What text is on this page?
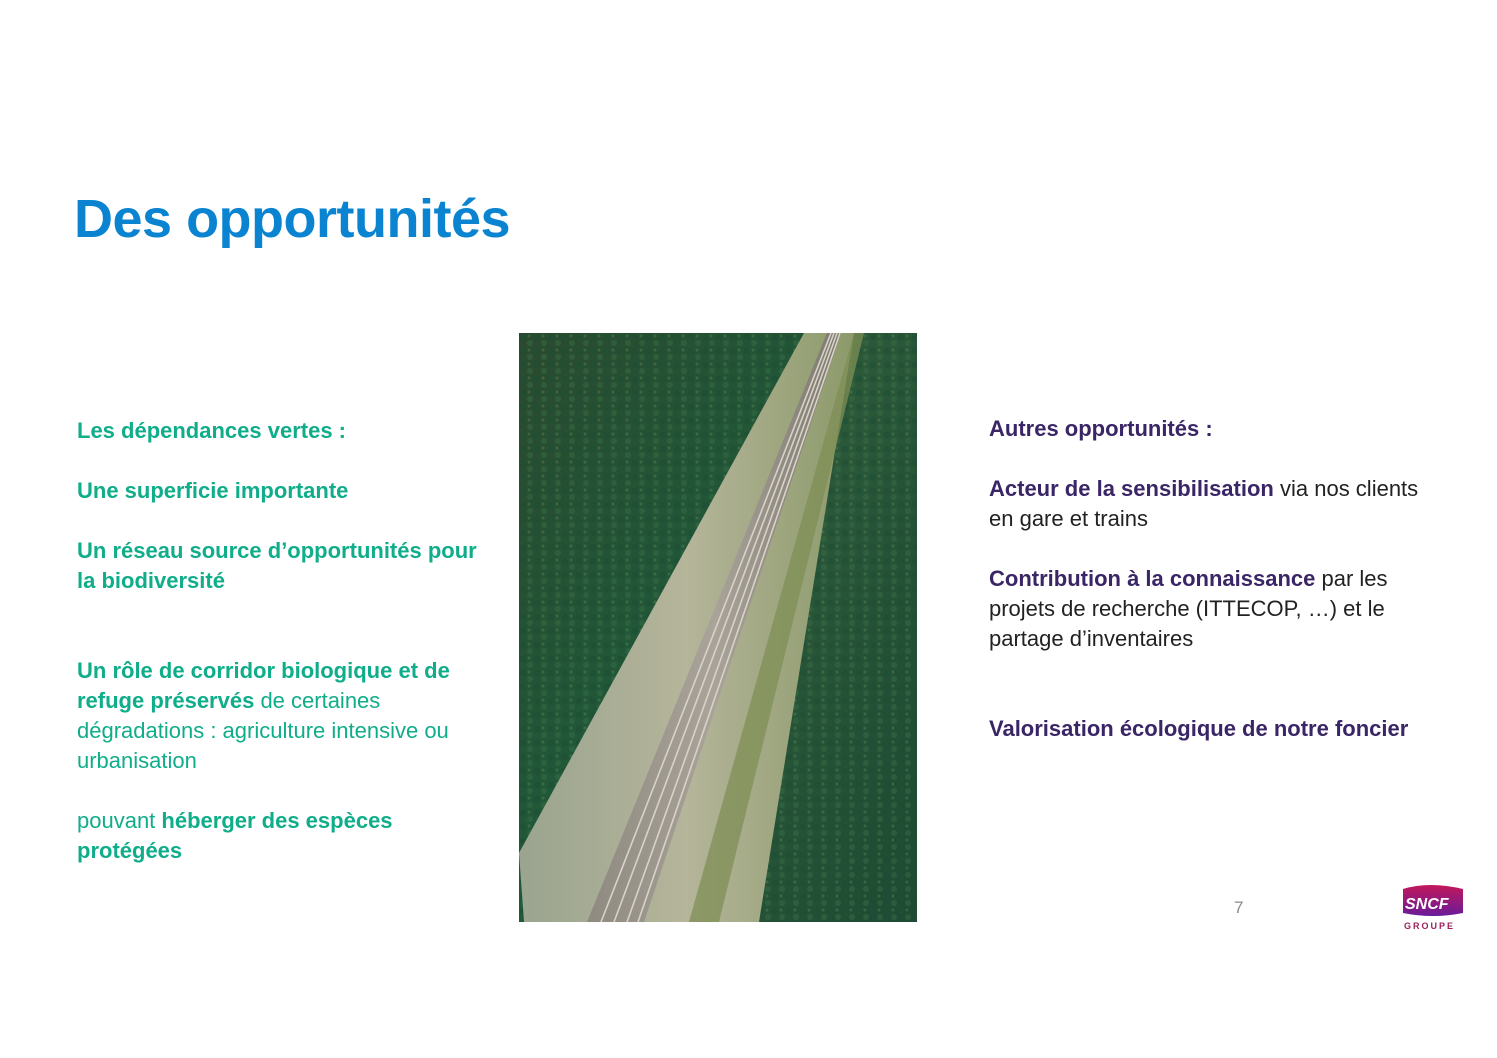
Des opportunités

Les dépendances vertes :

Une superficie importante

Un réseau source d’opportunités pour la biodiversité

Un rôle de corridor biologique et de refuge préservés de certaines dégradations : agriculture intensive ou urbanisation

pouvant héberger des espèces protégées

Autres opportunités :

Acteur de la sensibilisation via nos clients en gare et trains

Contribution à la connaissance par les projets de recherche (ITTECOP, …) et le partage d’inventaires

Valorisation écologique de notre foncier

7	SNCF
GROUPE
